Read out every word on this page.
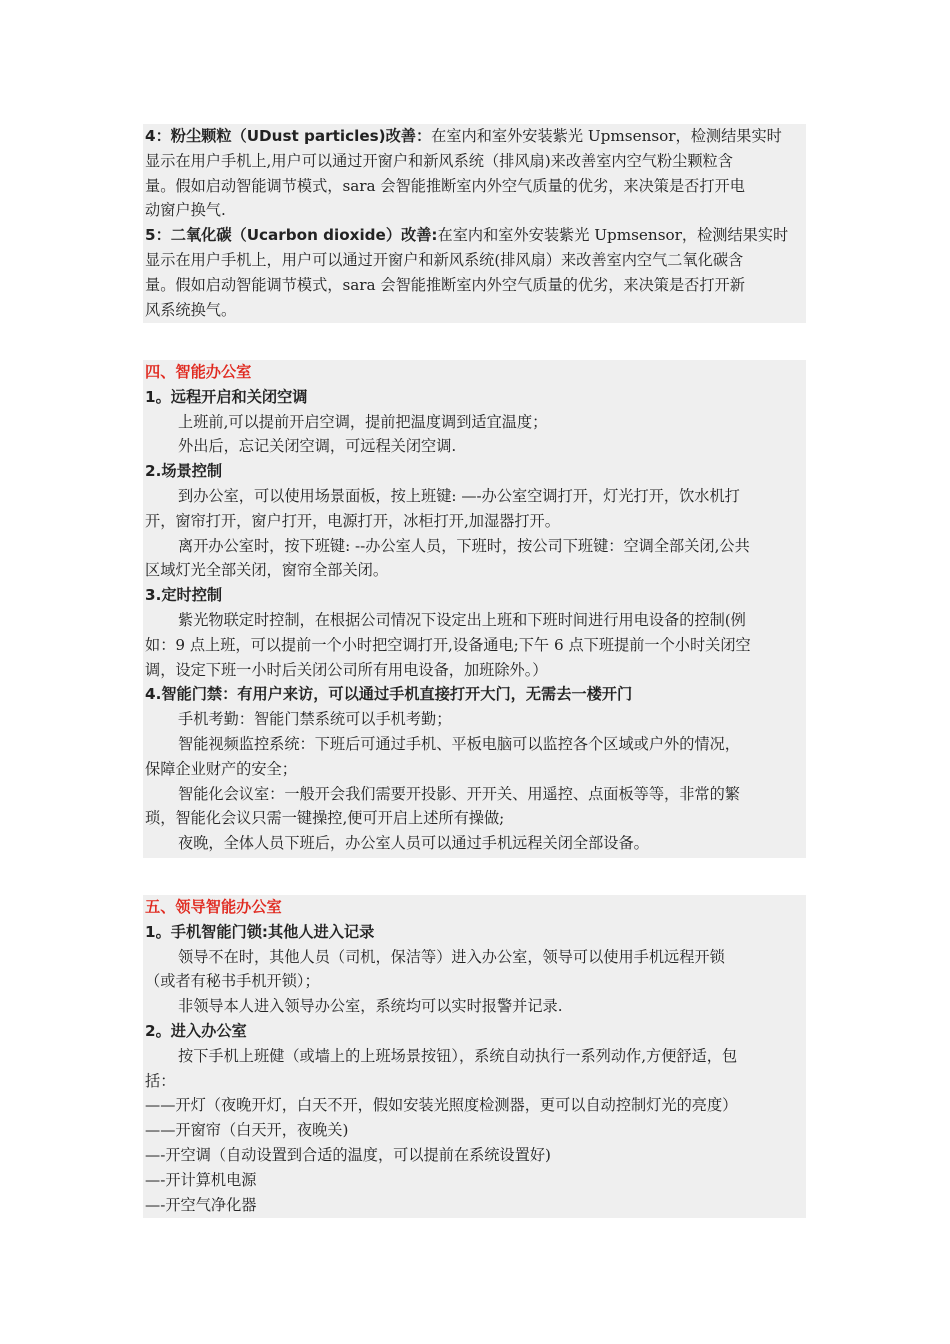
4：粉尘颗粒（UDust particles)改善：在室内和室外安装紫光 Upmsensor，检测结果实时
显示在用户手机上,用户可以通过开窗户和新风系统（排风扇)来改善室内空气粉尘颗粒含
量。假如启动智能调节模式，sara 会智能推断室内外空气质量的优劣，来决策是否打开电
动窗户换气.
5：二氧化碳（Ucarbon dioxide）改善:在室内和室外安装紫光 Upmsensor，检测结果实时
显示在用户手机上，用户可以通过开窗户和新风系统(排风扇）来改善室内空气二氧化碳含
量。假如启动智能调节模式，sara 会智能推断室内外空气质量的优劣，来决策是否打开新
风系统换气。
四、智能办公室
1。远程开启和关闭空调
上班前,可以提前开启空调，提前把温度调到适宜温度；
外出后，忘记关闭空调，可远程关闭空调.
2.场景控制
到办公室，可以使用场景面板，按上班键: —-办公室空调打开，灯光打开，饮水机打
开，窗帘打开，窗户打开，电源打开，冰柜打开,加湿器打开。
离开办公室时，按下班键: --办公室人员，下班时，按公司下班键：空调全部关闭,公共
区域灯光全部关闭，窗帘全部关闭。
3.定时控制
紫光物联定时控制，在根据公司情况下设定出上班和下班时间进行用电设备的控制(例
如：9 点上班，可以提前一个小时把空调打开,设备通电;下午 6 点下班提前一个小时关闭空
调，设定下班一小时后关闭公司所有用电设备，加班除外。）
4.智能门禁：有用户来访，可以通过手机直接打开大门，无需去一楼开门
手机考勤：智能门禁系统可以手机考勤；
智能视频监控系统：下班后可通过手机、平板电脑可以监控各个区域或户外的情况，
保障企业财产的安全；
智能化会议室：一般开会我们需要开投影、开开关、用遥控、点面板等等，非常的繁
琐，智能化会议只需一键操控,便可开启上述所有操做;
夜晚，全体人员下班后，办公室人员可以通过手机远程关闭全部设备。
五、领导智能办公室
1。手机智能门锁:其他人进入记录
领导不在时，其他人员（司机，保洁等）进入办公室，领导可以使用手机远程开锁
（或者有秘书手机开锁）；
非领导本人进入领导办公室，系统均可以实时报警并记录.
2。进入办公室
按下手机上班健（或墙上的上班场景按钮），系统自动执行一系列动作,方便舒适，包
括：
——开灯（夜晚开灯，白天不开，假如安装光照度检测器，更可以自动控制灯光的亮度）
——开窗帘（白天开，夜晚关)
—-开空调（自动设置到合适的温度，可以提前在系统设置好)
—-开计算机电源
—-开空气净化器
